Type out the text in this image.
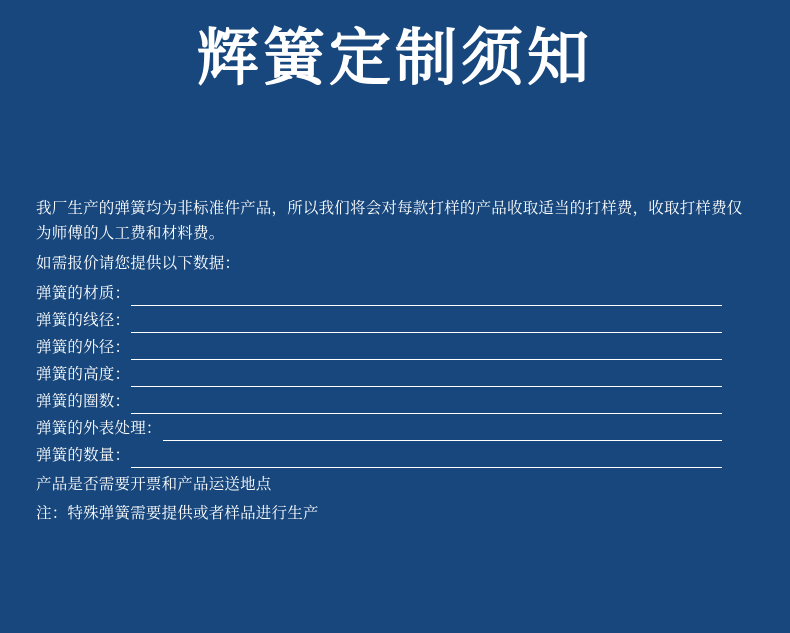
辉簧定制须知

我厂生产的弹簧均为非标准件产品，所以我们将会对每款打样的产品收取适当的打样费，收取打样费仅为师傅的人工费和材料费。

如需报价请您提供以下数据：

弹簧的材质：
弹簧的线径：
弹簧的外径：
弹簧的高度：
弹簧的圈数：
弹簧的外表处理：
弹簧的数量：

产品是否需要开票和产品运送地点

注：特殊弹簧需要提供或者样品进行生产
